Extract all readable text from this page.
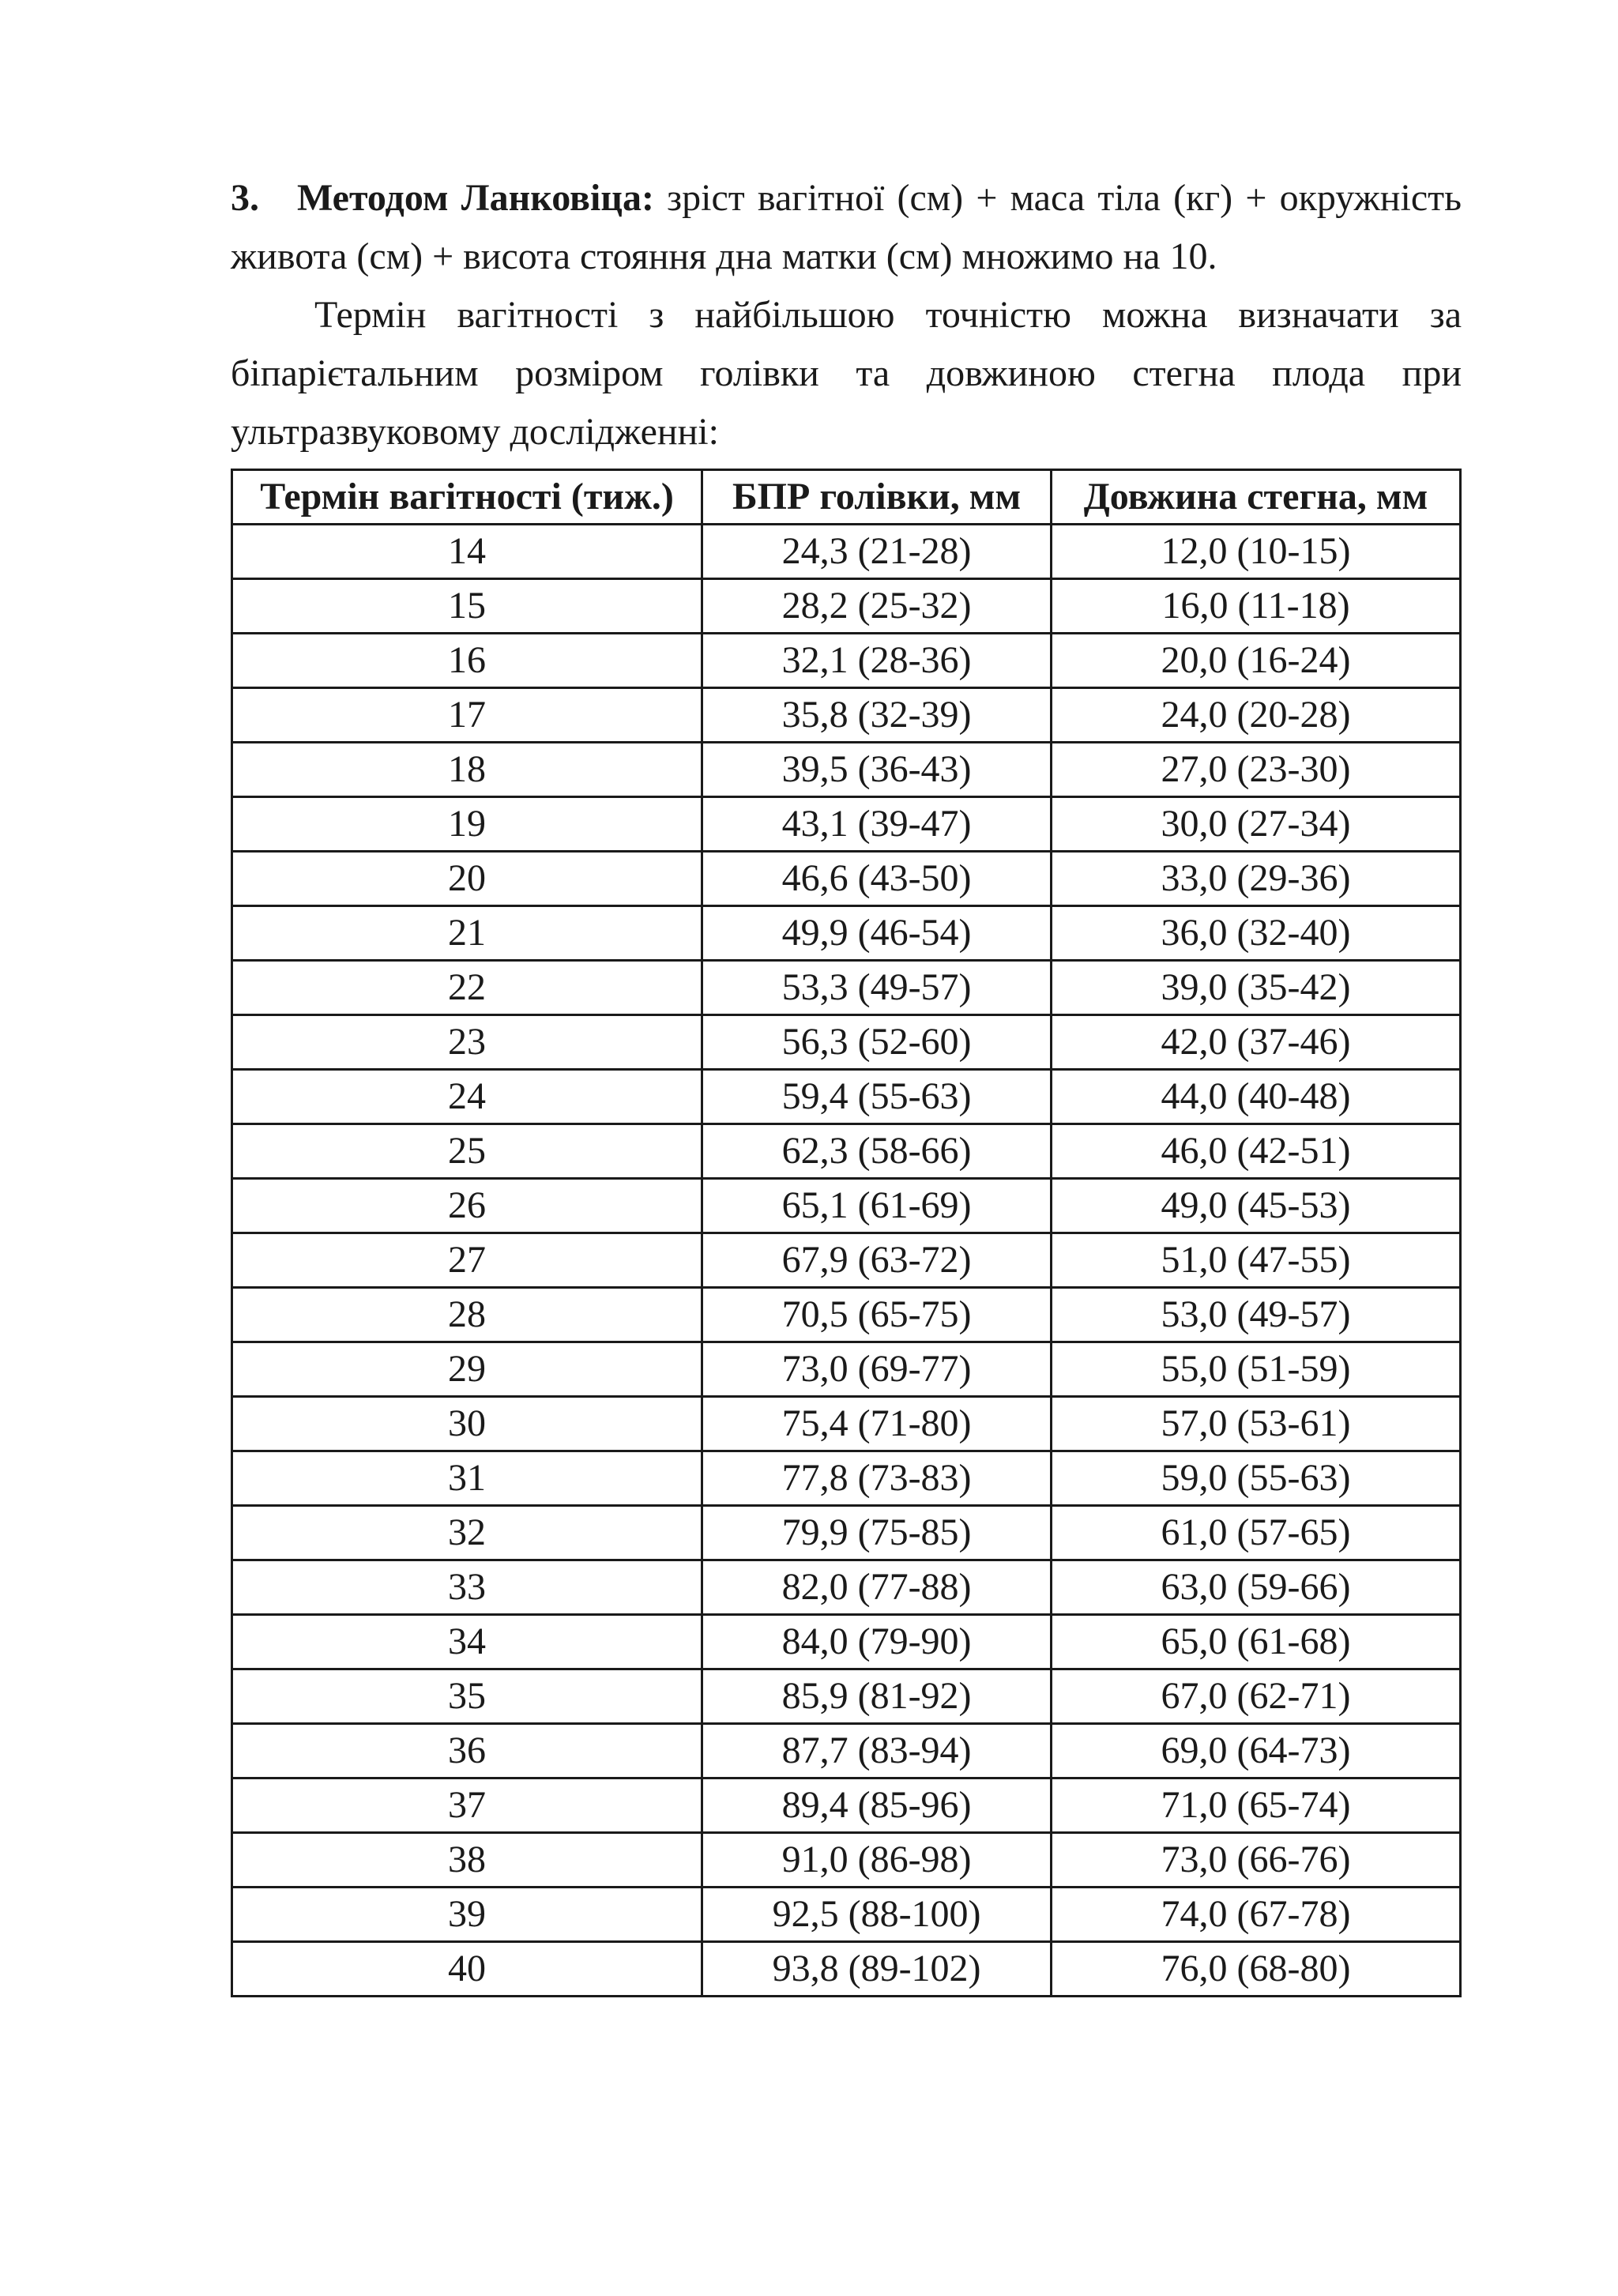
3. Методом Ланковіца: зріст вагітної (см) + маса тіла (кг) + окружність живота (см) + висота стояння дна матки (см) множимо на 10.

Термін вагітності з найбільшою точністю можна визначати за біпарієтальним розміром голівки та довжиною стегна плода при ультразвуковому дослідженні:

Термін вагітності (тиж.)	БПР голівки, мм	Довжина стегна, мм
14	24,3 (21-28)	12,0 (10-15)
15	28,2 (25-32)	16,0 (11-18)
16	32,1 (28-36)	20,0 (16-24)
17	35,8 (32-39)	24,0 (20-28)
18	39,5 (36-43)	27,0 (23-30)
19	43,1 (39-47)	30,0 (27-34)
20	46,6 (43-50)	33,0 (29-36)
21	49,9 (46-54)	36,0 (32-40)
22	53,3 (49-57)	39,0 (35-42)
23	56,3 (52-60)	42,0 (37-46)
24	59,4 (55-63)	44,0 (40-48)
25	62,3 (58-66)	46,0 (42-51)
26	65,1 (61-69)	49,0 (45-53)
27	67,9 (63-72)	51,0 (47-55)
28	70,5 (65-75)	53,0 (49-57)
29	73,0 (69-77)	55,0 (51-59)
30	75,4 (71-80)	57,0 (53-61)
31	77,8 (73-83)	59,0 (55-63)
32	79,9 (75-85)	61,0 (57-65)
33	82,0 (77-88)	63,0 (59-66)
34	84,0 (79-90)	65,0 (61-68)
35	85,9 (81-92)	67,0 (62-71)
36	87,7 (83-94)	69,0 (64-73)
37	89,4 (85-96)	71,0 (65-74)
38	91,0 (86-98)	73,0 (66-76)
39	92,5 (88-100)	74,0 (67-78)
40	93,8 (89-102)	76,0 (68-80)
